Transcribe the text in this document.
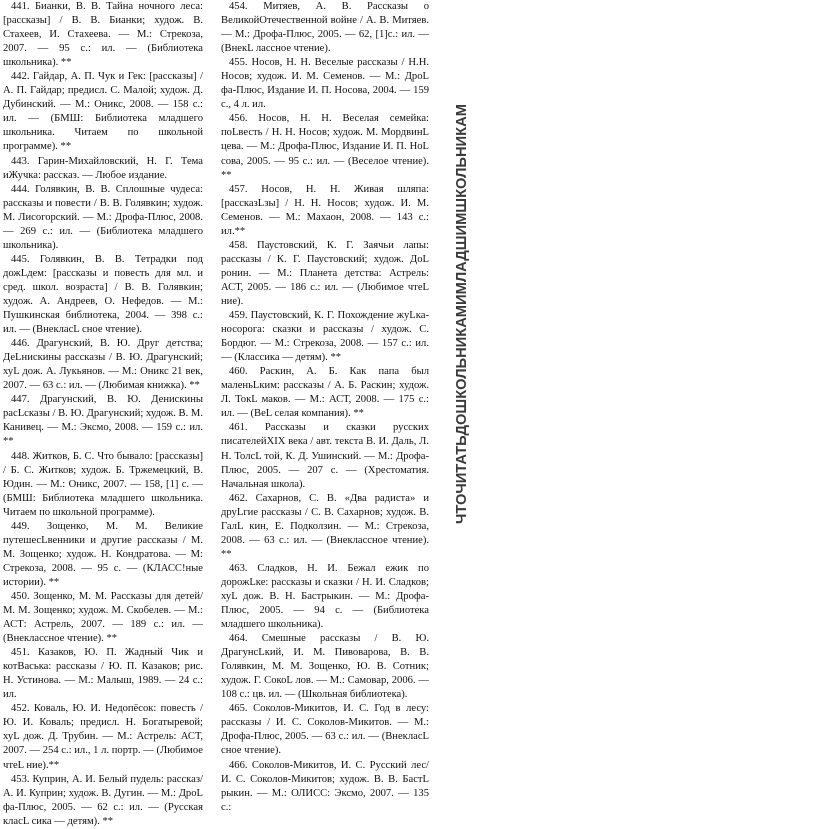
441. Бианки, В. В. Тайна ночного леса: [рассказы] / В. В. Бианки; худож. В. Стахеев, И. Стахеева. — М.: Стрекоза, 2007. — 95 с.: ил. — (Библиотека школьника). **

442. Гайдар, А. П. Чук и Гек: [рассказы] /А. П. Гайдар; предисл. С. Малой; худож. Д. Дубинский. — М.: Оникс, 2008. — 158 с.: ил. — (БМШ: Библиотека младшего школьника. Читаем по школьной программе). **

443. Гарин-Михайловский, Н. Г. Тема иЖучка: рассказ. — Любое издание.

444. Голявкин, В. В. Сплошные чудеса: рассказы и повести / В. В. Голявкин; худож. М. Лисогорский. — М.: Дрофа-Плюс, 2008. — 269 с.: ил. — (Библиотека младшего школьника).

445. Голявкин, В. В. Тетрадки под дожLдем: [рассказы и повесть для мл. и сред. школ. возраста] / В. В. Голявкин; худож. А. Андреев, О. Нефедов. — М.: Пушкинская библиотека, 2004. — 398 с.: ил. — (ВнеклаcL сное чтение).

446. Драгунский, В. Ю. Друг детства; ДеLнискины рассказы / В. Ю. Драгунский; хуL дож. А. Лукьянов. — М.: Оникс 21 век, 2007. — 63 с.: ил. — (Любимая книжка). **

447. Драгунский, В. Ю. Денискины расLсказы / В. Ю. Драгунский; худож. В. М. Канивец. — М.: Эксмо, 2008. — 159 с.: ил. **

448. Житков, Б. С. Что бывало: [рассказы] / Б. С. Житков; худож. Б. Тржемецкий, В. Юдин. — М.: Оникс, 2007. — 158, [1] с. — (БМШ: Библиотека младшего школьника. Читаем по школьной программе).

449. Зощенко, М. М. Великие путешесLвенники и другие рассказы / М. М. Зощенко; худож. Н. Кондратова. — М: Стрекоза, 2008. — 95 с. — (КЛАСС!ные истории). **

450. Зощенко, М. М. Рассказы для детей/ М. М. Зощенко; худож. М. Скобелев. — М.: АСТ: Астрель, 2007. — 189 с.: ил. — (Внеклассное чтение). **

451. Казаков, Ю. П. Жадный Чик и котВаська: рассказы / Ю. П. Казаков; рис. Н. Устинова. — М.: Малыш, 1989. — 24 с.: ил.

452. Коваль, Ю. И. Недопёсок: повесть /Ю. И. Коваль; предисл. Н. Богатыревой; хуL дож. Д. Трубин. — М.: Астрель: АСТ, 2007. — 254 с.: ил., 1 л. портр. — (Любимое чтеL ние).**

453. Куприн, А. И. Белый пудель: рассказ/ А. И. Куприн; худож. В. Дугин. — М.: ДроL фа-Плюс, 2005. — 62 с.: ил. — (Русская класL сика — детям). **

454. Митяев, А. В. Рассказы о ВеликойОтечественной войне / А. В. Митяев. — М.: Дрофа-Плюс, 2005. — 62, [1]с.: ил. — (ВнекL лассное чтение).

455. Носов, Н. Н. Веселые рассказы / Н.Н. Носов; худож. И. М. Семенов. — М.: ДроL фа-Плюс, Издание И. П. Носова, 2004. — 159 с., 4 л. ил.

456. Носов, Н. Н. Веселая семейка: поLвесть / Н. Н. Носов; худож. М. МордвинL цева. — М.: Дрофа-Плюс, Издание И. П. НоL сова, 2005. — 95 с.: ил. — (Веселое чтение). **

457. Носов, Н. Н. Живая шляпа: [рассказLзы] / Н. Н. Носов; худож. И. М. Семенов. — М.: Махаон, 2008. — 143 с.: ил.**

458. Паустовский, К. Г. Заячьи лапы: рассказы / К. Г. Паустовский; худож. ДоL ронин. — М.: Планета детства: Астрель: АСТ, 2005. — 186 с.: ил. — (Любимое чтеL ние).

459. Паустовский, К. Г. Похождение жуLка-носорога: сказки и рассказы / худож. С. Бордюг. — М.: Стрекоза, 2008. — 157 с.: ил. — (Классика — детям). **

460. Раскин, А. Б. Как папа был маленьLким: рассказы / А. Б. Раскин; худож. Л. ТокL маков. — М.: АСТ, 2008. — 175 с.: ил. — (ВеL селая компания). **

461. Рассказы и сказки русских писателейXIX века / авт. текста В. И. Даль, Л. Н. ТолсL той, К. Д. Ушинский. — М.: Дрофа-Плюс, 2005. — 207 с. — (Хрестоматия. Начальная школа).

462. Сахарнов, С. В. «Два радиста» и друLгие рассказы / С. В. Сахарнов; худож. В. ГалL кин, Е. Подколзин. — М.: Стрекоза, 2008. — 63 с.: ил. — (Внеклассное чтение). **

463. Сладков, Н. И. Бежал ежик по дорожLке: рассказы и сказки / Н. И. Сладков; хуL дож. В. Н. Бастрыкин. — М.: Дрофа-Плюс, 2005. — 94 с. — (Библиотека младшего школьника).

464. Смешные рассказы / В. Ю. ДрагунсLкий, И. М. Пивоварова, В. В. Голявкин, М. М. Зощенко, Ю. В. Сотник; худож. Г. СокоL лов. — М.: Самовар, 2006. — 108 с.: цв. ил. — (Школьная библиотека).

465. Соколов-Микитов, И. С. Год в лесу: рассказы / И. С. Соколов-Микитов. — М.: Дрофа-Плюс, 2005. — 63 с.: ил. — (ВнеклаcL сное чтение).

466. Соколов-Микитов, И. С. Русский лес/ И. С. Соколов-Микитов; худож. В. В. БастL рыкин. — М.: ОЛИСС: Эксмо, 2007. — 135 с.:

ЧТОЧИТАТЬДОШКОЛЬНИКАМИМЛАДШИМШКОЛЬНИКАМ
